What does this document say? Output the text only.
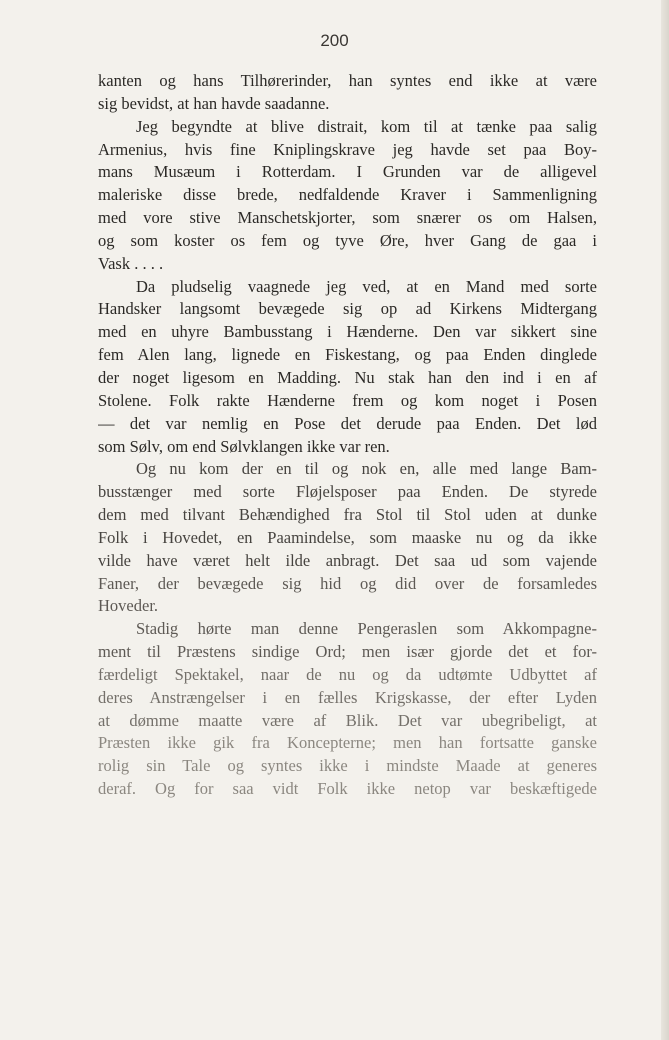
200
kanten og hans Tilhørerinder, han syntes end ikke at være
sig bevidst, at han havde saadanne.
Jeg begyndte at blive distrait, kom til at tænke paa salig
Armenius, hvis fine Kniplingskrave jeg havde set paa Boy-
mans Musæum i Rotterdam. I Grunden var de alligevel
maleriske disse brede, nedfaldende Kraver i Sammenligning
med vore stive Manschetskjorter, som snærer os om Halsen,
og som koster os fem og tyve Øre, hver Gang de gaa i
Vask . . . .
Da pludselig vaagnede jeg ved, at en Mand med sorte
Handsker langsomt bevægede sig op ad Kirkens Midtergang
med en uhyre Bambusstang i Hænderne. Den var sikkert sine
fem Alen lang, lignede en Fiskestang, og paa Enden dinglede
der noget ligesom en Madding. Nu stak han den ind i en af
Stolene. Folk rakte Hænderne frem og kom noget i Posen
— det var nemlig en Pose det derude paa Enden. Det lød
som Sølv, om end Sølvklangen ikke var ren.
Og nu kom der en til og nok en, alle med lange Bam-
busstænger med sorte Fløjelsposer paa Enden. De styrede
dem med tilvant Behændighed fra Stol til Stol uden at dunke
Folk i Hovedet, en Paamindelse, som maaske nu og da ikke
vilde have været helt ilde anbragt. Det saa ud som vajende
Faner, der bevægede sig hid og did over de forsamledes
Hoveder.
Stadig hørte man denne Pengeraslen som Akkompagne-
ment til Præstens sindige Ord; men især gjorde det et for-
færdeligt Spektakel, naar de nu og da udtømte Udbyttet af
deres Anstrængelser i en fælles Krigskasse, der efter Lyden
at dømme maatte være af Blik. Det var ubegribeligt, at
Præsten ikke gik fra Koncepterne; men han fortsatte ganske
rolig sin Tale og syntes ikke i mindste Maade at generes
deraf. Og for saa vidt Folk ikke netop var beskæftigede
